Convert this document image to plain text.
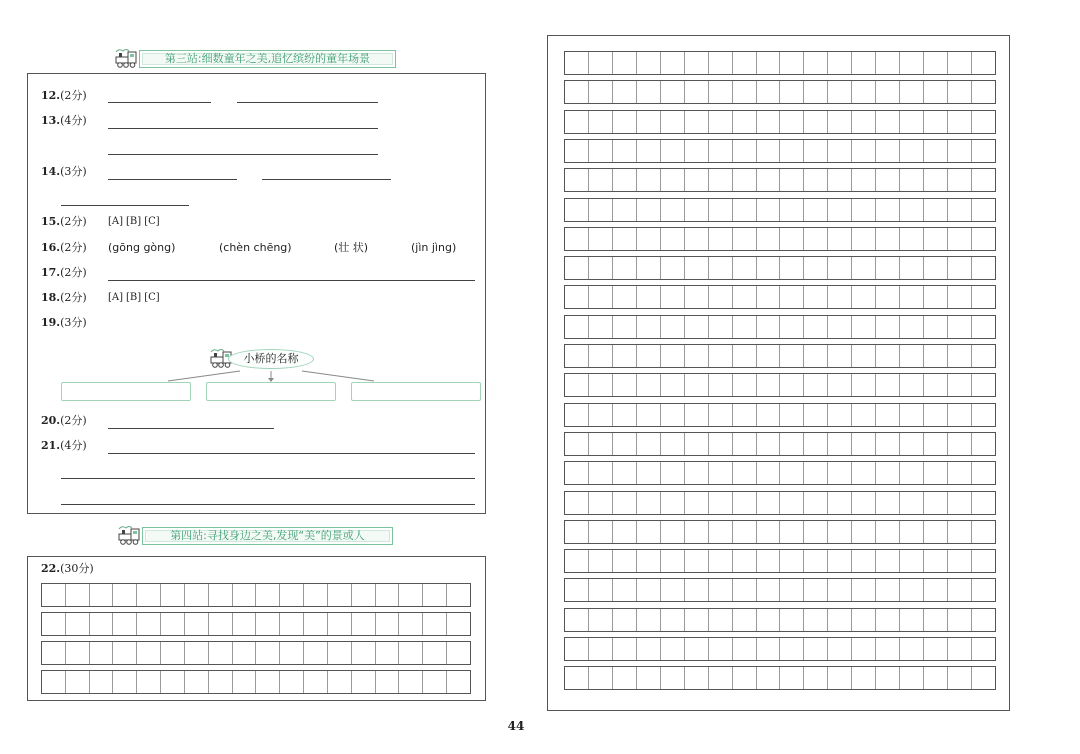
第三站:细数童年之美,追忆缤纷的童年场景
12.(2分)
13.(4分)
14.(3分)
15.(2分) [A] [B] [C]
16.(2分) (gōng gòng)	(chèn chēng)	(壮 状)	(jìn jìng)
17.(2分)
18.(2分) [A] [B] [C]
19.(3分)
小桥的名称
20.(2分)
21.(4分)
第四站:寻找身边之美,发现“美”的景或人
22.(30分)
44
